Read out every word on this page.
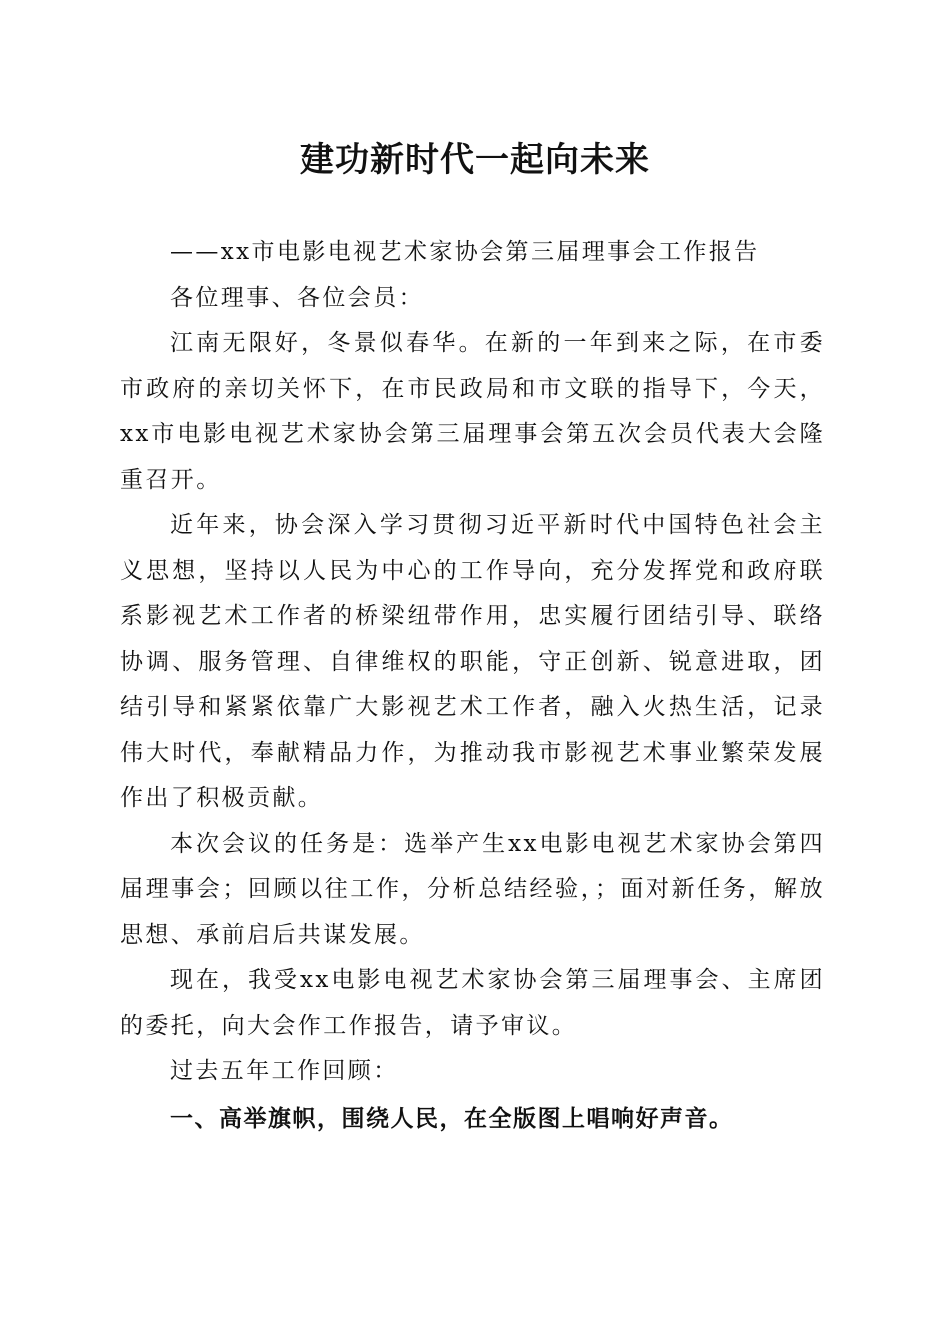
建功新时代一起向未来

——xx市电影电视艺术家协会第三届理事会工作报告

各位理事、各位会员：

江南无限好，冬景似春华。在新的一年到来之际，在市委市政府的亲切关怀下，在市民政局和市文联的指导下，今天，xx市电影电视艺术家协会第三届理事会第五次会员代表大会隆重召开。

近年来，协会深入学习贯彻习近平新时代中国特色社会主义思想，坚持以人民为中心的工作导向，充分发挥党和政府联系影视艺术工作者的桥梁纽带作用，忠实履行团结引导、联络协调、服务管理、自律维权的职能，守正创新、锐意进取，团结引导和紧紧依靠广大影视艺术工作者，融入火热生活，记录伟大时代，奉献精品力作，为推动我市影视艺术事业繁荣发展作出了积极贡献。

本次会议的任务是：选举产生xx电影电视艺术家协会第四届理事会；回顾以往工作，分析总结经验，；面对新任务，解放思想、承前启后共谋发展。

现在，我受xx电影电视艺术家协会第三届理事会、主席团的委托，向大会作工作报告，请予审议。

过去五年工作回顾：

一、高举旗帜，围绕人民，在全版图上唱响好声音。
